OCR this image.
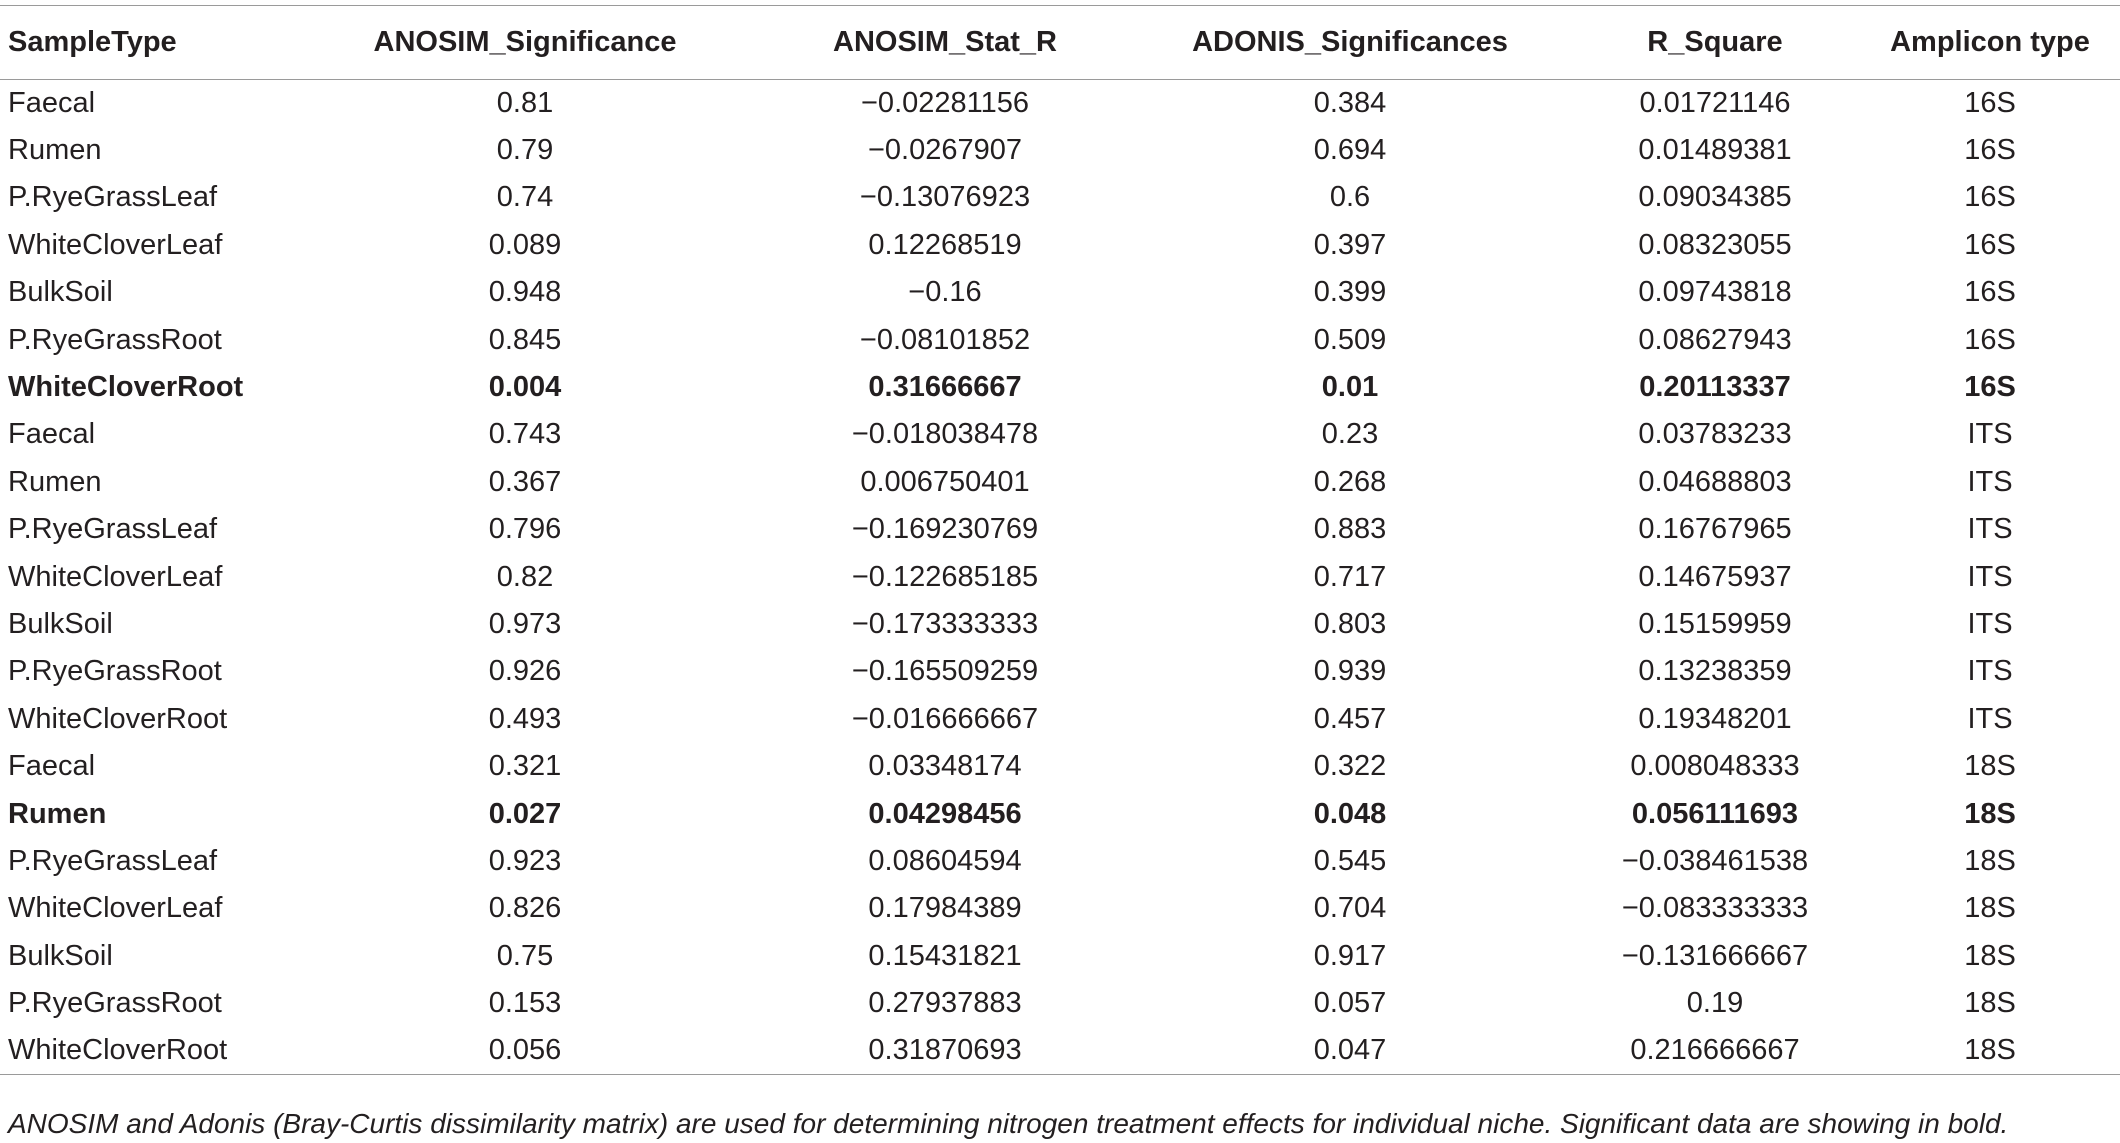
SampleType	ANOSIM_Significance	ANOSIM_Stat_R	ADONIS_Significances	R_Square	Amplicon type
Faecal	0.81	−0.02281156	0.384	0.01721146	16S
Rumen	0.79	−0.0267907	0.694	0.01489381	16S
P.RyeGrassLeaf	0.74	−0.13076923	0.6	0.09034385	16S
WhiteCloverLeaf	0.089	0.12268519	0.397	0.08323055	16S
BulkSoil	0.948	−0.16	0.399	0.09743818	16S
P.RyeGrassRoot	0.845	−0.08101852	0.509	0.08627943	16S
WhiteCloverRoot	0.004	0.31666667	0.01	0.20113337	16S
Faecal	0.743	−0.018038478	0.23	0.03783233	ITS
Rumen	0.367	0.006750401	0.268	0.04688803	ITS
P.RyeGrassLeaf	0.796	−0.169230769	0.883	0.16767965	ITS
WhiteCloverLeaf	0.82	−0.122685185	0.717	0.14675937	ITS
BulkSoil	0.973	−0.173333333	0.803	0.15159959	ITS
P.RyeGrassRoot	0.926	−0.165509259	0.939	0.13238359	ITS
WhiteCloverRoot	0.493	−0.016666667	0.457	0.19348201	ITS
Faecal	0.321	0.03348174	0.322	0.008048333	18S
Rumen	0.027	0.04298456	0.048	0.056111693	18S
P.RyeGrassLeaf	0.923	0.08604594	0.545	−0.038461538	18S
WhiteCloverLeaf	0.826	0.17984389	0.704	−0.083333333	18S
BulkSoil	0.75	0.15431821	0.917	−0.131666667	18S
P.RyeGrassRoot	0.153	0.27937883	0.057	0.19	18S
WhiteCloverRoot	0.056	0.31870693	0.047	0.216666667	18S
ANOSIM and Adonis (Bray-Curtis dissimilarity matrix) are used for determining nitrogen treatment effects for individual niche. Significant data are showing in bold.
